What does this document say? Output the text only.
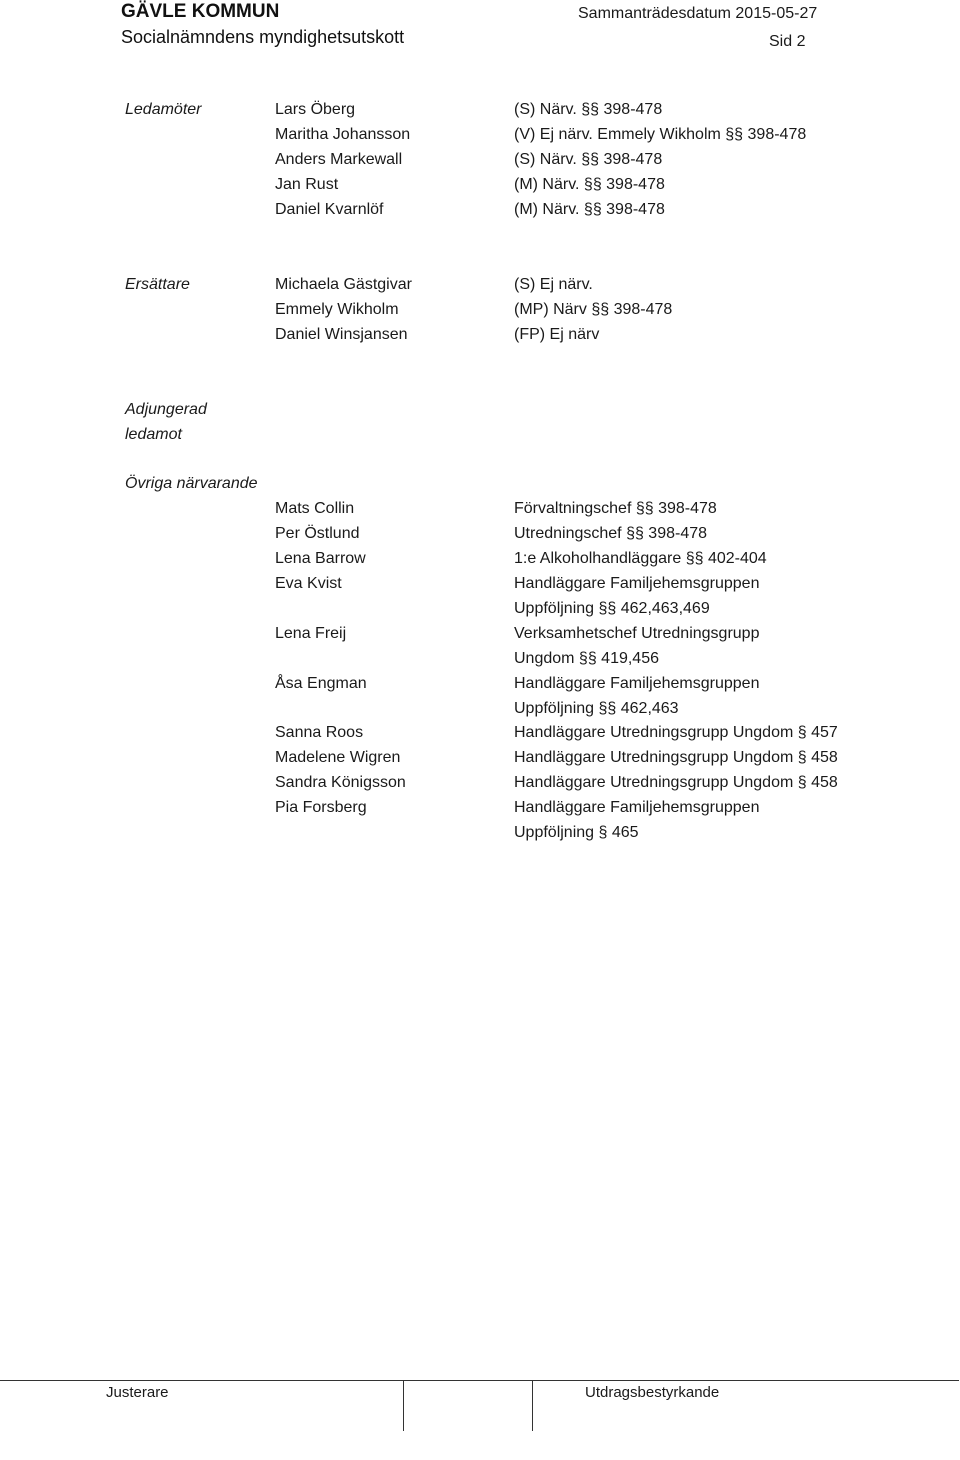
GÄVLE KOMMUN
Socialnämndens myndighetsutskott
Sammanträdesdatum 2015-05-27
Sid 2
Ledamöter	Lars Öberg	(S) Närv. §§ 398-478
Maritha Johansson	(V) Ej närv. Emmely Wikholm §§ 398-478
Anders Markewall	(S) Närv. §§ 398-478
Jan Rust	(M) Närv. §§ 398-478
Daniel Kvarnlöf	(M) Närv. §§ 398-478
Ersättare	Michaela Gästgivar	(S) Ej närv.
Emmely Wikholm	(MP) Närv §§ 398-478
Daniel Winsjansen	(FP) Ej närv
Adjungerad
ledamot
Övriga närvarande
Mats Collin	Förvaltningschef §§ 398-478
Per Östlund	Utredningschef §§ 398-478
Lena Barrow	1:e Alkoholhandläggare §§ 402-404
Eva Kvist	Handläggare Familjehemsgruppen
Uppföljning §§ 462,463,469
Lena Freij	Verksamhetschef Utredningsgrupp
Ungdom §§ 419,456
Åsa Engman	Handläggare Familjehemsgruppen
Uppföljning §§ 462,463
Sanna Roos	Handläggare Utredningsgrupp Ungdom § 457
Madelene Wigren	Handläggare Utredningsgrupp Ungdom § 458
Sandra Königsson	Handläggare Utredningsgrupp Ungdom § 458
Pia Forsberg	Handläggare Familjehemsgruppen
Uppföljning § 465
Justerare	Utdragsbestyrkande
